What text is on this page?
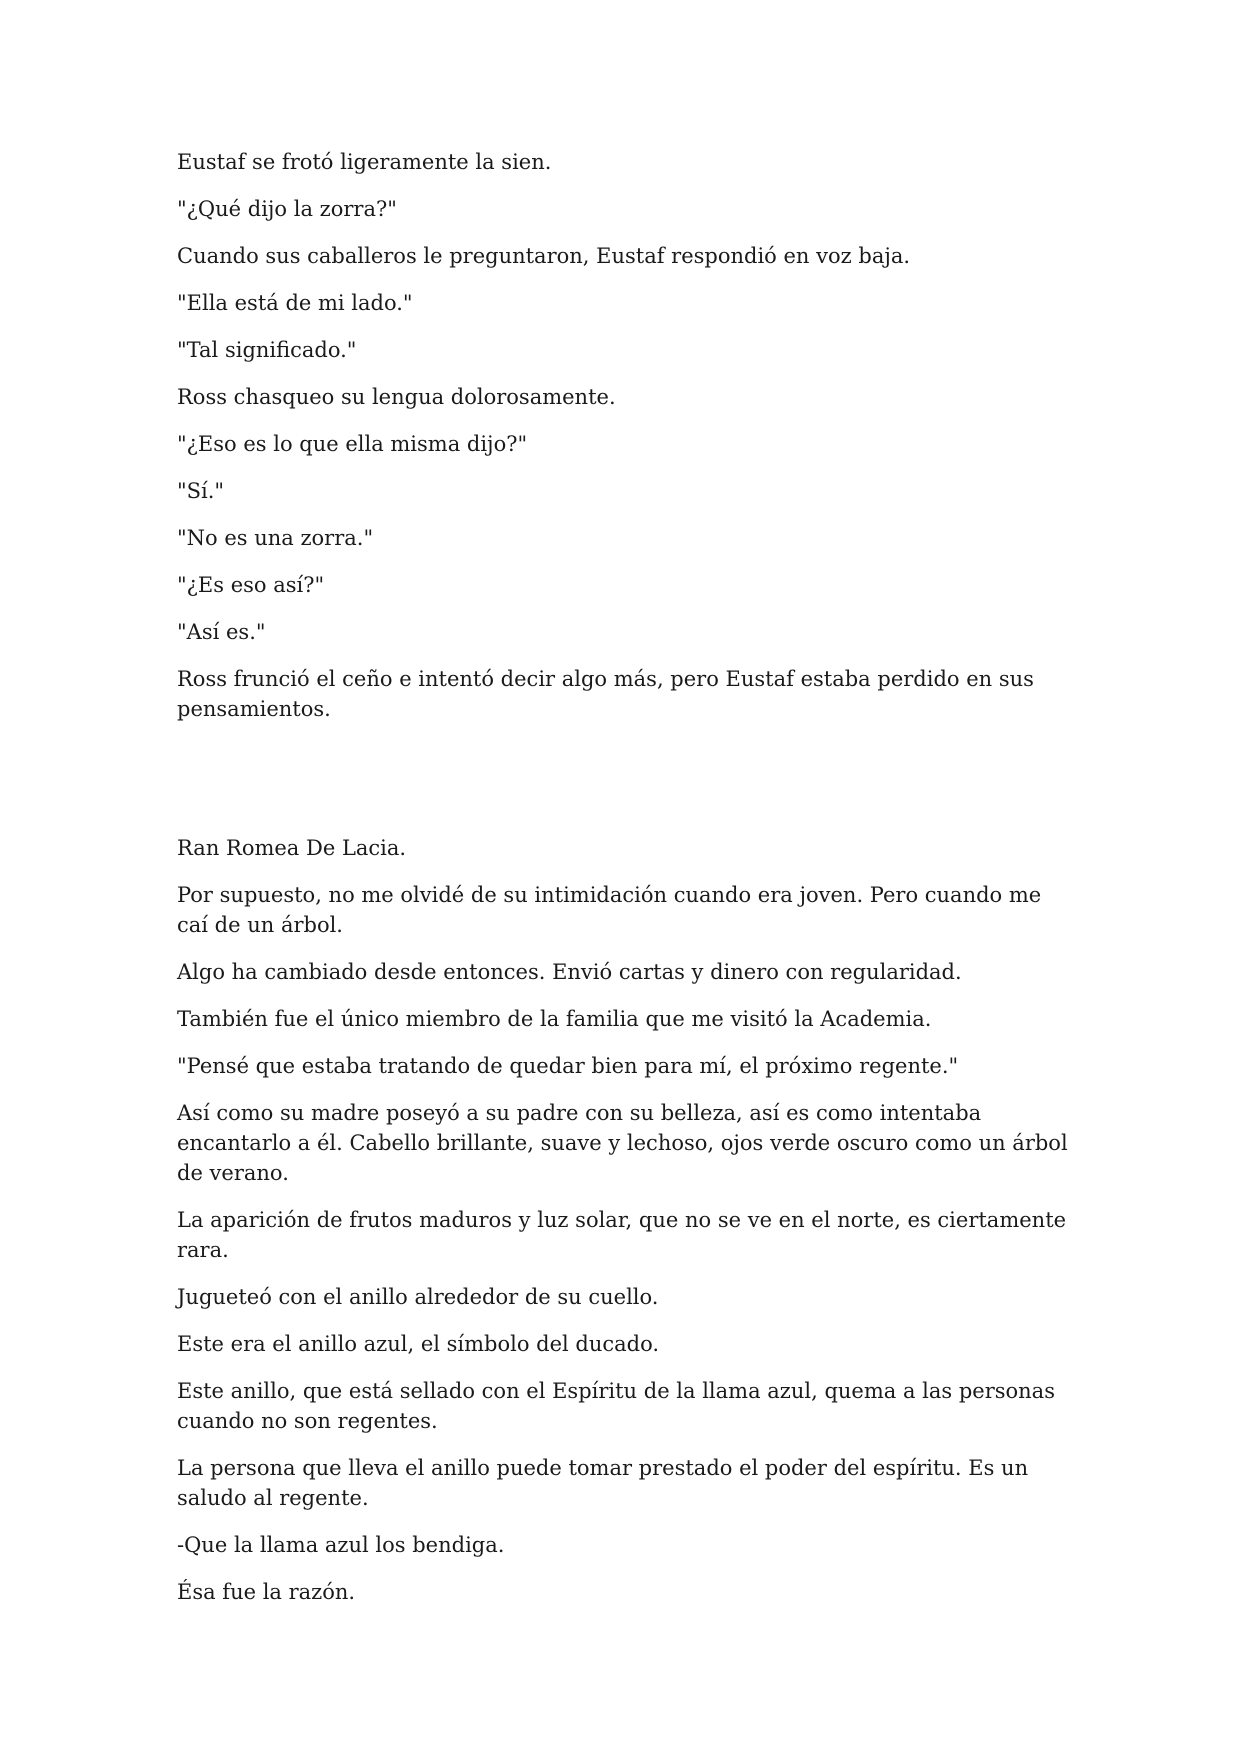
Eustaf se frotó ligeramente la sien.

"¿Qué dijo la zorra?"

Cuando sus caballeros le preguntaron, Eustaf respondió en voz baja.

"Ella está de mi lado."

"Tal significado."

Ross chasqueo su lengua dolorosamente.

"¿Eso es lo que ella misma dijo?"

"Sí."

"No es una zorra."

"¿Es eso así?"

"Así es."

Ross frunció el ceño e intentó decir algo más, pero Eustaf estaba perdido en sus pensamientos.

Ran Romea De Lacia.

Por supuesto, no me olvidé de su intimidación cuando era joven. Pero cuando me caí de un árbol.

Algo ha cambiado desde entonces. Envió cartas y dinero con regularidad.

También fue el único miembro de la familia que me visitó la Academia.

"Pensé que estaba tratando de quedar bien para mí, el próximo regente."

Así como su madre poseyó a su padre con su belleza, así es como intentaba encantarlo a él. Cabello brillante, suave y lechoso, ojos verde oscuro como un árbol de verano.

La aparición de frutos maduros y luz solar, que no se ve en el norte, es ciertamente rara.

Jugueteó con el anillo alrededor de su cuello.

Este era el anillo azul, el símbolo del ducado.

Este anillo, que está sellado con el Espíritu de la llama azul, quema a las personas cuando no son regentes.

La persona que lleva el anillo puede tomar prestado el poder del espíritu. Es un saludo al regente.

-Que la llama azul los bendiga.

Ésa fue la razón.
